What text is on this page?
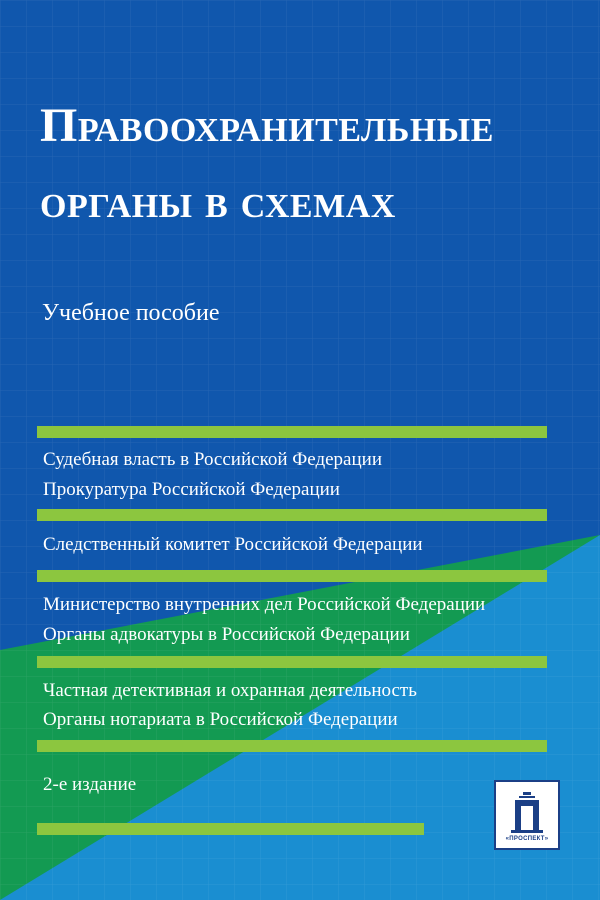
Правоохранительные
органы в схемах
Учебное пособие
Судебная власть в Российской Федерации
Прокуратура Российской Федерации
Следственный комитет Российской Федерации
Министерство внутренних дел Российской Федерации
Органы адвокатуры в Российской Федерации
Частная детективная и охранная деятельность
Органы нотариата в Российской Федерации
2-е издание
«ПРОСПЕКТ»
